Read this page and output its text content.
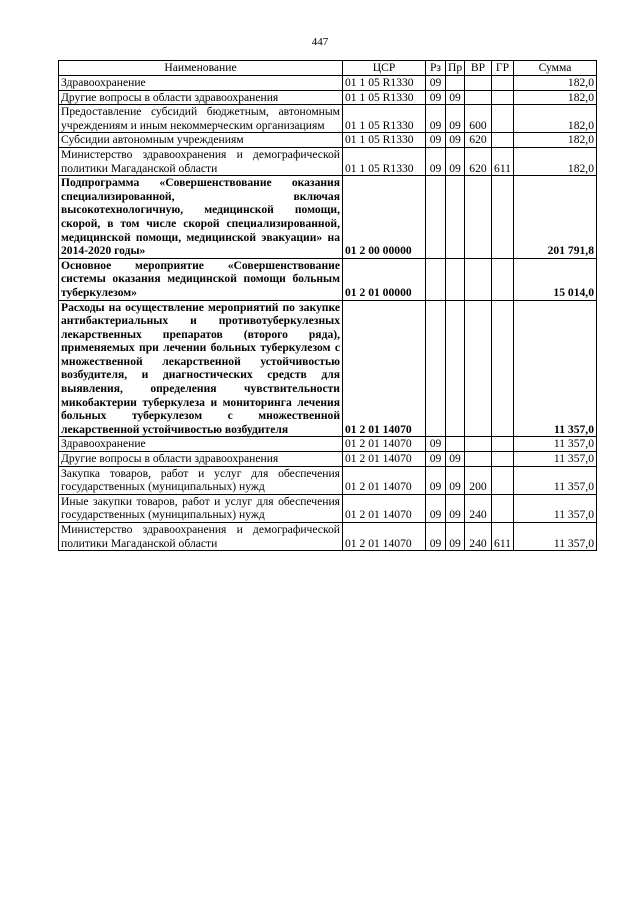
447
Наименование	ЦСР	Рз	Пр	ВР	ГР	Сумма
Здравоохранение	01 1 05 R1330	09				182,0
Другие вопросы в области здравоохранения	01 1 05 R1330	09	09			182,0
Предоставление субсидий бюджетным, автономным учреждениям и иным некоммерческим организациям	01 1 05 R1330	09	09	600		182,0
Субсидии автономным учреждениям	01 1 05 R1330	09	09	620		182,0
Министерство здравоохранения и демографической политики Магаданской области	01 1 05 R1330	09	09	620	611	182,0
Подпрограмма «Совершенствование оказания специализированной, включая высокотехнологичную, медицинской помощи, скорой, в том числе скорой специализированной, медицинской помощи, медицинской эвакуации» на 2014-2020 годы»	01 2 00 00000					201 791,8
Основное мероприятие «Совершенствование системы оказания медицинской помощи больным туберкулезом»	01 2 01 00000					15 014,0
Расходы на осуществление мероприятий по закупке антибактериальных и противотуберкулезных лекарственных препаратов (второго ряда), применяемых при лечении больных туберкулезом с множественной лекарственной устойчивостью возбудителя, и диагностических средств для выявления, определения чувствительности микобактерии туберкулеза и мониторинга лечения больных туберкулезом с множественной лекарственной устойчивостью возбудителя	01 2 01 14070					11 357,0
Здравоохранение	01 2 01 14070	09				11 357,0
Другие вопросы в области здравоохранения	01 2 01 14070	09	09			11 357,0
Закупка товаров, работ и услуг для обеспечения государственных (муниципальных) нужд	01 2 01 14070	09	09	200		11 357,0
Иные закупки товаров, работ и услуг для обеспечения государственных (муниципальных) нужд	01 2 01 14070	09	09	240		11 357,0
Министерство здравоохранения и демографической политики Магаданской области	01 2 01 14070	09	09	240	611	11 357,0
